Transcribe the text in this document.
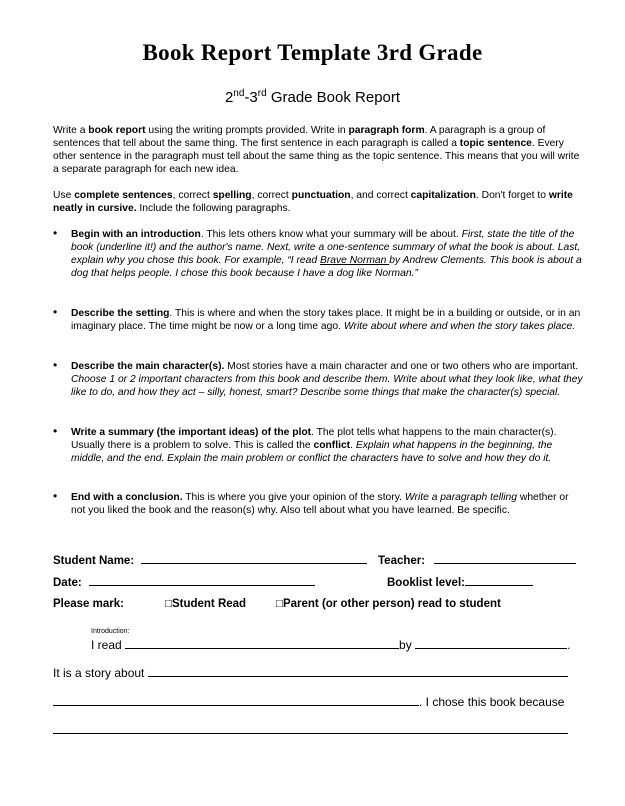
Book Report Template 3rd Grade
2nd-3rd Grade Book Report
Write a book report using the writing prompts provided. Write in paragraph form. A paragraph is a group of sentences that tell about the same thing. The first sentence in each paragraph is called a topic sentence. Every other sentence in the paragraph must tell about the same thing as the topic sentence. This means that you will write a separate paragraph for each new idea.
Use complete sentences, correct spelling, correct punctuation, and correct capitalization. Don't forget to write neatly in cursive. Include the following paragraphs.
• Begin with an introduction. This lets others know what your summary will be about. First, state the title of the book (underline it!) and the author's name. Next, write a one-sentence summary of what the book is about. Last, explain why you chose this book. For example, “I read Brave Norman by Andrew Clements. This book is about a dog that helps people. I chose this book because I have a dog like Norman.”
• Describe the setting. This is where and when the story takes place. It might be in a building or outside, or in an imaginary place. The time might be now or a long time ago. Write about where and when the story takes place.
• Describe the main character(s). Most stories have a main character and one or two others who are important. Choose 1 or 2 important characters from this book and describe them. Write about what they look like, what they like to do, and how they act – silly, honest, smart? Describe some things that make the character(s) special.
• Write a summary (the important ideas) of the plot. The plot tells what happens to the main character(s). Usually there is a problem to solve. This is called the conflict. Explain what happens in the beginning, the middle, and the end. Explain the main problem or conflict the characters have to solve and how they do it.
• End with a conclusion. This is where you give your opinion of the story. Write a paragraph telling whether or not you liked the book and the reason(s) why. Also tell about what you have learned. Be specific.
Student Name:	Teacher:
Date:	Booklist level:
Please mark:	□Student Read	□Parent (or other person) read to student
Introduction:
I read	by	.
It is a story about
. I chose this book because
